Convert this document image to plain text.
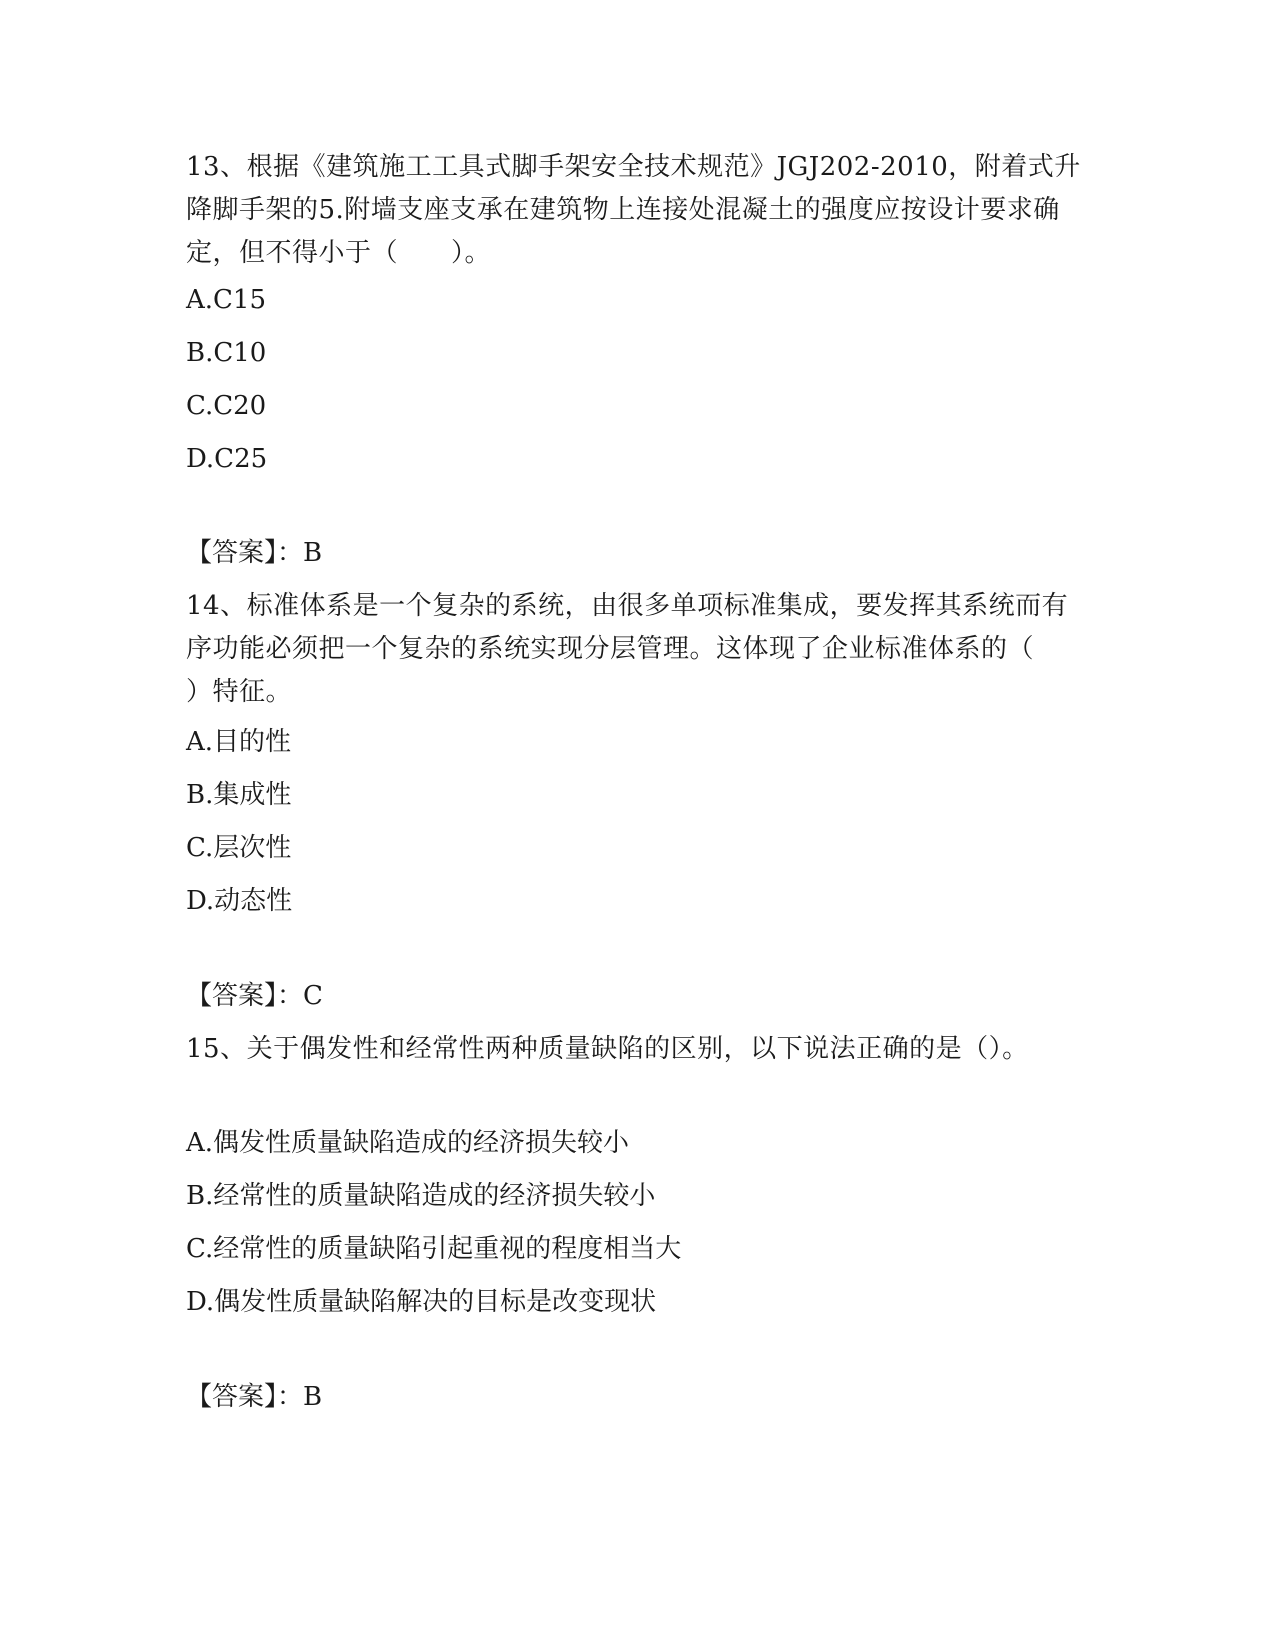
13、根据《建筑施工工具式脚手架安全技术规范》JGJ202-2010，附着式升降脚手架的5.附墙支座支承在建筑物上连接处混凝土的强度应按设计要求确定，但不得小于（　　）。
A.C15
B.C10
C.C20
D.C25
【答案】：B
14、标准体系是一个复杂的系统，由很多单项标准集成，要发挥其系统而有序功能必须把一个复杂的系统实现分层管理。这体现了企业标准体系的（　　）特征。
A.目的性
B.集成性
C.层次性
D.动态性
【答案】：C
15、关于偶发性和经常性两种质量缺陷的区别，以下说法正确的是（）。
A.偶发性质量缺陷造成的经济损失较小
B.经常性的质量缺陷造成的经济损失较小
C.经常性的质量缺陷引起重视的程度相当大
D.偶发性质量缺陷解决的目标是改变现状
【答案】：B
